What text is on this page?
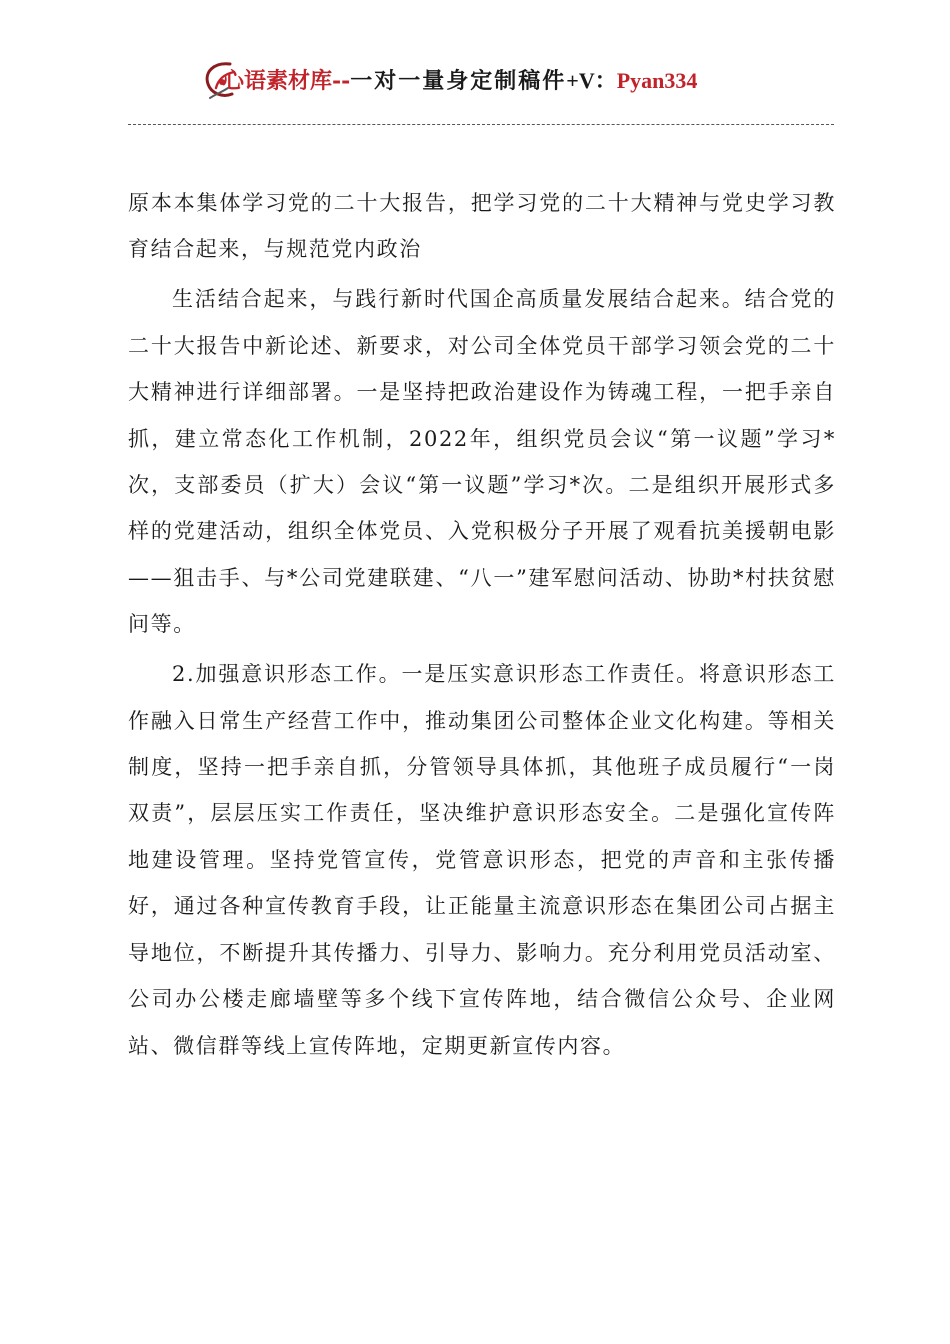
心语素材库--一对一量身定制稿件+V：Pyan334

原本本集体学习党的二十大报告，把学习党的二十大精神与党史学习教育结合起来，与规范党内政治

生活结合起来，与践行新时代国企高质量发展结合起来。结合党的二十大报告中新论述、新要求，对公司全体党员干部学习领会党的二十大精神进行详细部署。一是坚持把政治建设作为铸魂工程，一把手亲自抓，建立常态化工作机制，2022年，组织党员会议“第一议题”学习*次，支部委员（扩大）会议“第一议题”学习*次。二是组织开展形式多样的党建活动，组织全体党员、入党积极分子开展了观看抗美援朝电影——狙击手、与*公司党建联建、“八一”建军慰问活动、协助*村扶贫慰问等。

2.加强意识形态工作。一是压实意识形态工作责任。将意识形态工作融入日常生产经营工作中，推动集团公司整体企业文化构建。等相关制度，坚持一把手亲自抓，分管领导具体抓，其他班子成员履行“一岗双责”，层层压实工作责任，坚决维护意识形态安全。二是强化宣传阵地建设管理。坚持党管宣传，党管意识形态，把党的声音和主张传播好，通过各种宣传教育手段，让正能量主流意识形态在集团公司占据主导地位，不断提升其传播力、引导力、影响力。充分利用党员活动室、公司办公楼走廊墙壁等多个线下宣传阵地，结合微信公众号、企业网站、微信群等线上宣传阵地，定期更新宣传内容。
